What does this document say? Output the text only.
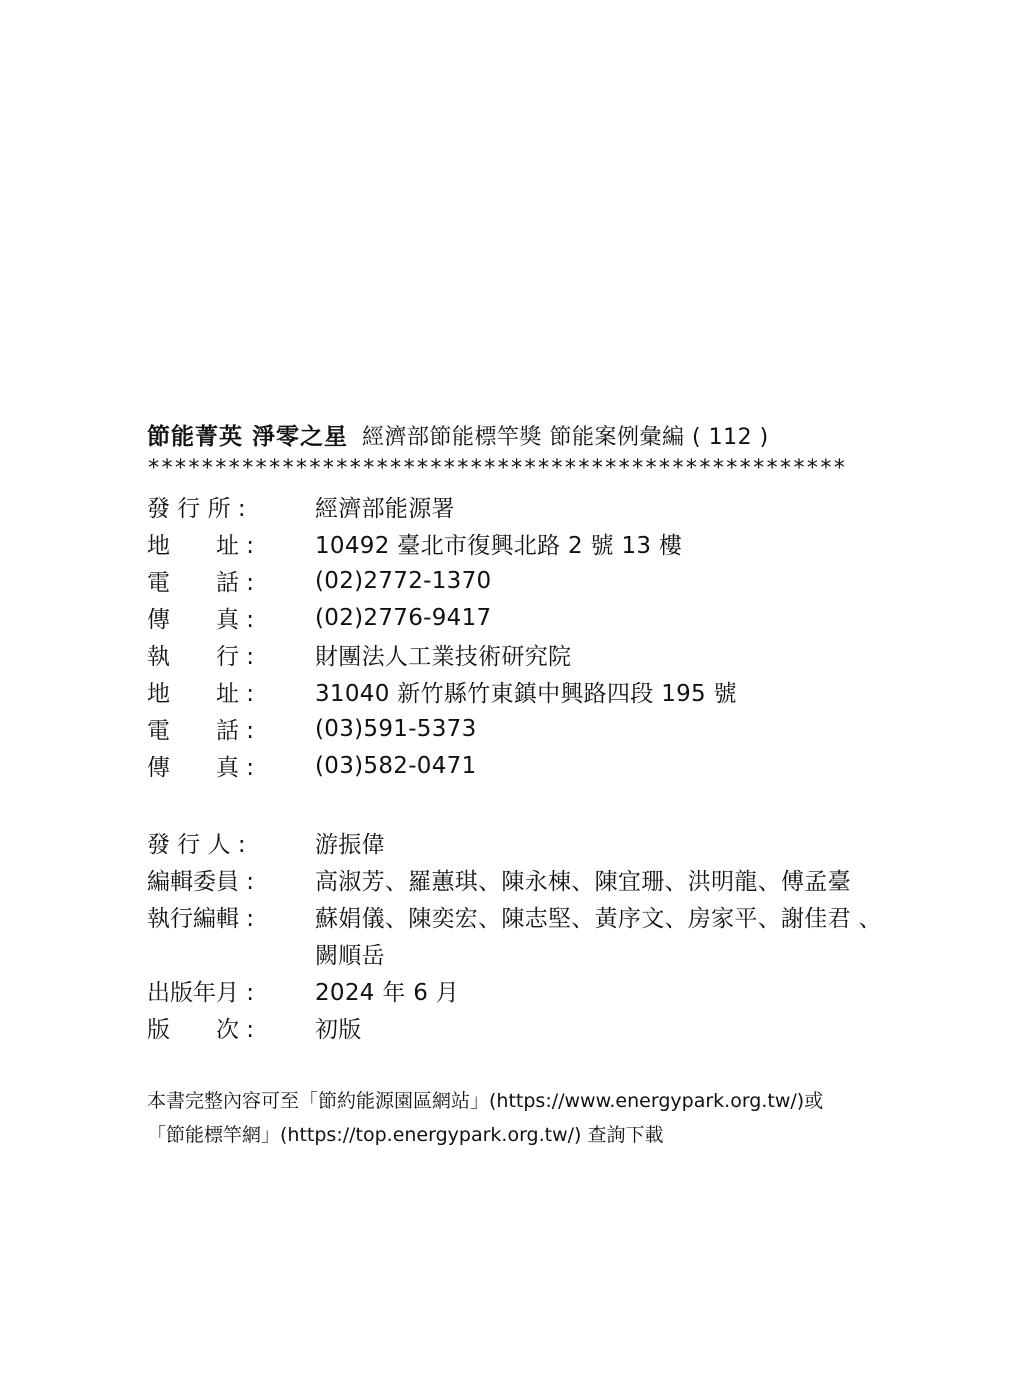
節能菁英 淨零之星 經濟部節能標竿獎 節能案例彙編 ( 112 )
****************************************************
發 行 所 :	經濟部能源署
地　　址 :	10492 臺北市復興北路 2 號 13 樓
電　　話 :	(02)2772-1370
傳　　真 :	(02)2776-9417
執　　行 :	財團法人工業技術研究院
地　　址 :	31040 新竹縣竹東鎮中興路四段 195 號
電　　話 :	(03)591-5373
傳　　真 :	(03)582-0471
發 行 人 :	游振偉
編輯委員 :	高淑芳、羅蕙琪、陳永棟、陳宜珊、洪明龍、傅孟臺
執行編輯 :	蘇娟儀、陳奕宏、陳志堅、黃序文、房家平、謝佳君 、
闕順岳
出版年月 :	2024 年 6 月
版　　次 :	初版
本書完整內容可至「節約能源園區網站」(https://www.energypark.org.tw/)或
「節能標竿網」(https://top.energypark.org.tw/) 查詢下載
